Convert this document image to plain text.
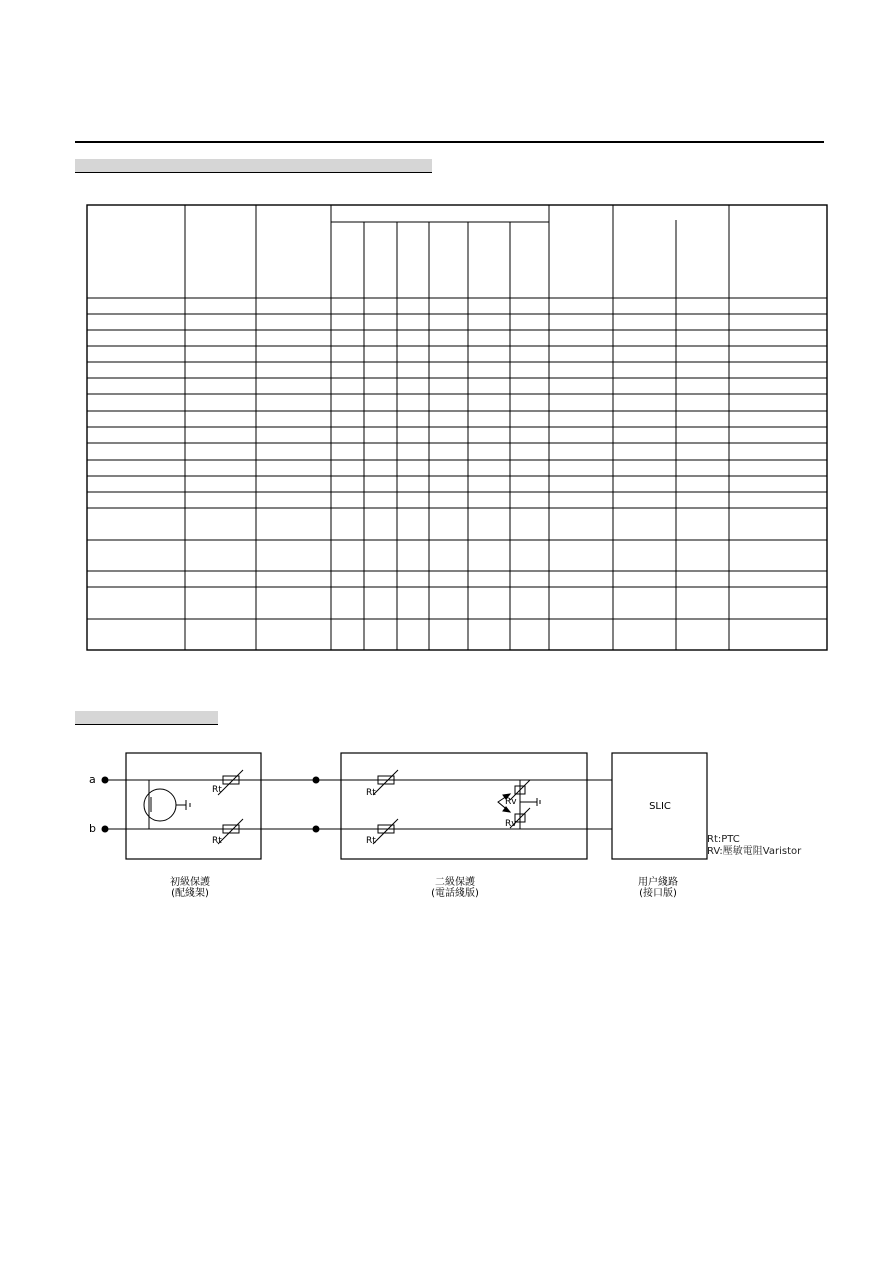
a
b
Rt
Rt
Rt
Rt
Rv
Rv
SLIC
Rt:PTC
RV:壓敏電阻Varistor
初級保護
(配綫架)
二級保護
(電話綫版)
用户綫路
(接口版)
